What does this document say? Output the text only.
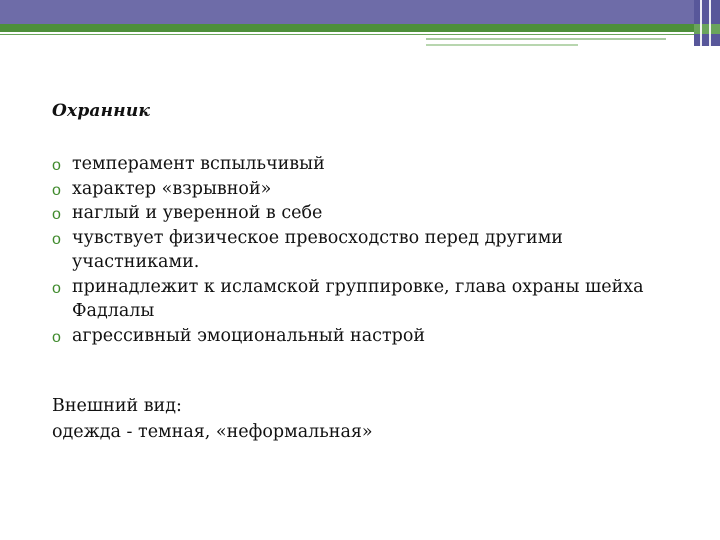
Охранник
o темперамент вспыльчивый
o характер «взрывной»
o наглый и уверенной в себе
o чувствует физическое превосходство перед другими участниками.
o принадлежит к исламской группировке, глава охраны шейха Фадлалы
o агрессивный эмоциональный настрой
Внешний вид:
одежда - темная, «неформальная»
